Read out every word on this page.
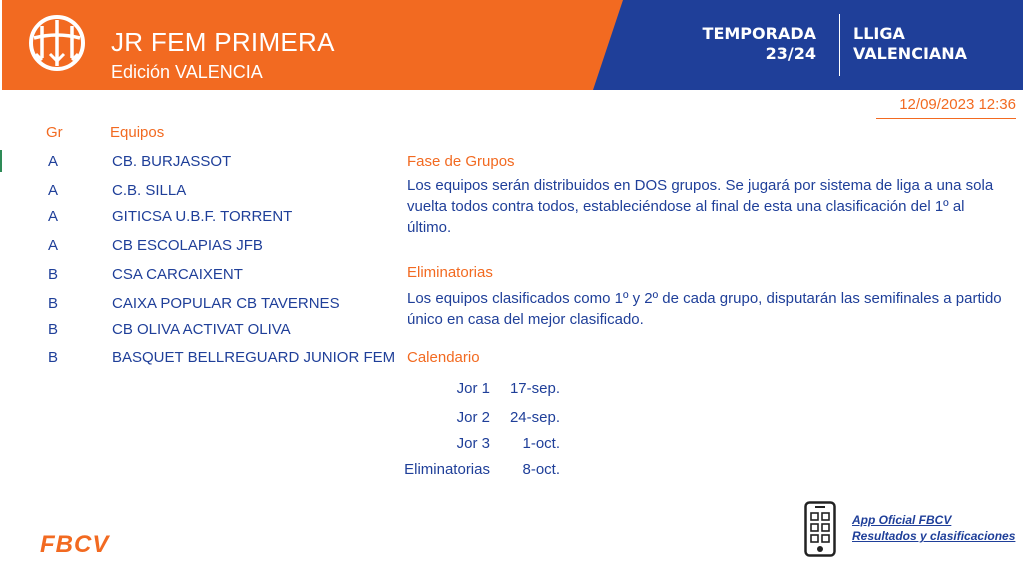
JR FEM PRIMERA
Edición VALENCIA
TEMPORADA
23/24
LLIGA
VALENCIANA
12/09/2023 12:36
Gr	Equipos
A	CB. BURJASSOT
A	C.B. SILLA
A	GITICSA U.B.F. TORRENT
A	CB ESCOLAPIAS JFB
B	CSA CARCAIXENT
B	CAIXA POPULAR CB TAVERNES
B	CB OLIVA ACTIVAT OLIVA
B	BASQUET BELLREGUARD JUNIOR FEM
Fase de Grupos
Los equipos serán distribuidos en DOS grupos. Se jugará por sistema de liga a una sola vuelta todos contra todos, estableciéndose al final de esta una clasificación del 1º al último.
Eliminatorias
Los equipos clasificados como 1º y 2º de cada grupo, disputarán las semifinales a partido único en casa del mejor clasificado.
Calendario
Jor 1	17-sep.
Jor 2	24-sep.
Jor 3	1-oct.
Eliminatorias	8-oct.
FBCV
App Oficial FBCV
Resultados y clasificaciones
